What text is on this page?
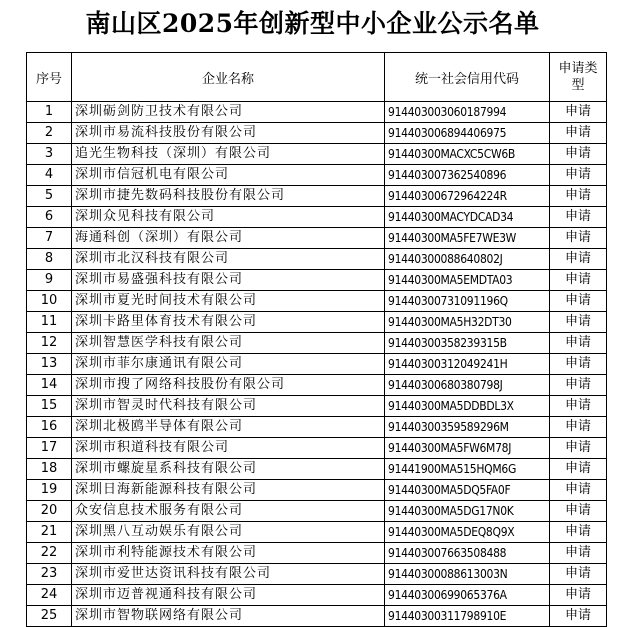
南山区2025年创新型中小企业公示名单
序号	企业名称	统一社会信用代码	申请类
型
1	深圳砺剑防卫技术有限公司	914403003060187994	申请
2	深圳市易流科技股份有限公司	914403006894406975	申请
3	追光生物科技（深圳）有限公司	91440300MACXC5CW6B	申请
4	深圳市信冠机电有限公司	914403007362540896	申请
5	深圳市捷先数码科技股份有限公司	91440300672964224R	申请
6	深圳众见科技有限公司	91440300MACYDCAD34	申请
7	海通科创（深圳）有限公司	91440300MA5FE7WE3W	申请
8	深圳市北汉科技有限公司	91440300088640802J	申请
9	深圳市易盛强科技有限公司	91440300MA5EMDTA03	申请
10	深圳市夏光时间技术有限公司	91440300731091196Q	申请
11	深圳卡路里体育技术有限公司	91440300MA5H32DT30	申请
12	深圳智慧医学科技有限公司	91440300358239315B	申请
13	深圳市菲尔康通讯有限公司	91440300312049241H	申请
14	深圳市搜了网络科技股份有限公司	91440300680380798J	申请
15	深圳市智灵时代科技有限公司	91440300MA5DDBDL3X	申请
16	深圳北极鸥半导体有限公司	91440300359589296M	申请
17	深圳市积道科技有限公司	91440300MA5FW6M78J	申请
18	深圳市螺旋星系科技有限公司	91441900MA515HQM6G	申请
19	深圳日海新能源科技有限公司	91440300MA5DQ5FA0F	申请
20	众安信息技术服务有限公司	91440300MA5DG17N0K	申请
21	深圳黑八互动娱乐有限公司	91440300MA5DEQ8Q9X	申请
22	深圳市利特能源技术有限公司	914403007663508488	申请
23	深圳市爱世达资讯科技有限公司	91440300088613003N	申请
24	深圳市迈普视通科技有限公司	91440300699065376A	申请
25	深圳市智物联网络有限公司	91440300311798910E	申请
